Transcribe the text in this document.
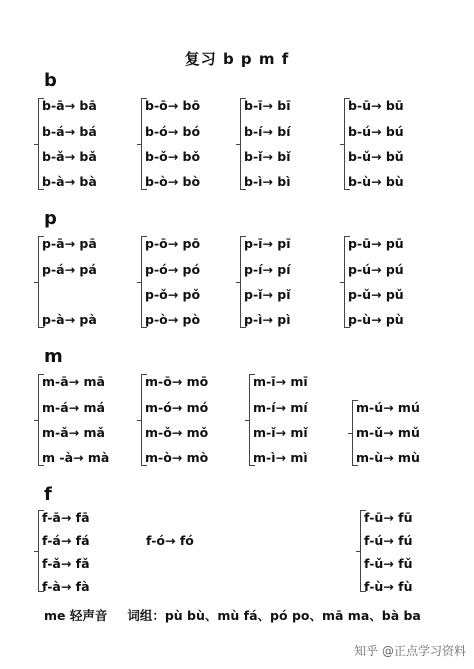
复习 b p m f
b
b-ā→ bā
b-á→ bá
b-ǎ→ bǎ
b-à→ bà
b-ō→ bō
b-ó→ bó
b-ǒ→ bǒ
b-ò→ bò
b-ī→ bī
b-í→ bí
b-ǐ→ bǐ
b-ì→ bì
b-ū→ bū
b-ú→ bú
b-ǔ→ bǔ
b-ù→ bù
p
p-ā→ pā
p-á→ pá
p-à→ pà
p-ō→ pō
p-ó→ pó
p-ǒ→ pǒ
p-ò→ pò
p-ī→ pī
p-í→ pí
p-ǐ→ pǐ
p-ì→ pì
p-ū→ pū
p-ú→ pú
p-ǔ→ pǔ
p-ù→ pù
m
m-ā→ mā
m-á→ má
m-ǎ→ mǎ
m -à→ mà
m-ō→ mō
m-ó→ mó
m-ǒ→ mǒ
m-ò→ mò
m-ī→ mī
m-í→ mí
m-ǐ→ mǐ
m-ì→ mì
m-ú→ mú
m-ǔ→ mǔ
m-ù→ mù
f
f-ā→ fā
f-á→ fá
f-ǎ→ fǎ
f-à→ fà
f-ó→ fó
f-ū→ fū
f-ú→ fú
f-ǔ→ fǔ
f-ù→ fù
me 轻声音 词组：pù bù、mù fá、pó po、mā ma、bà ba
知乎 @正点学习资料
